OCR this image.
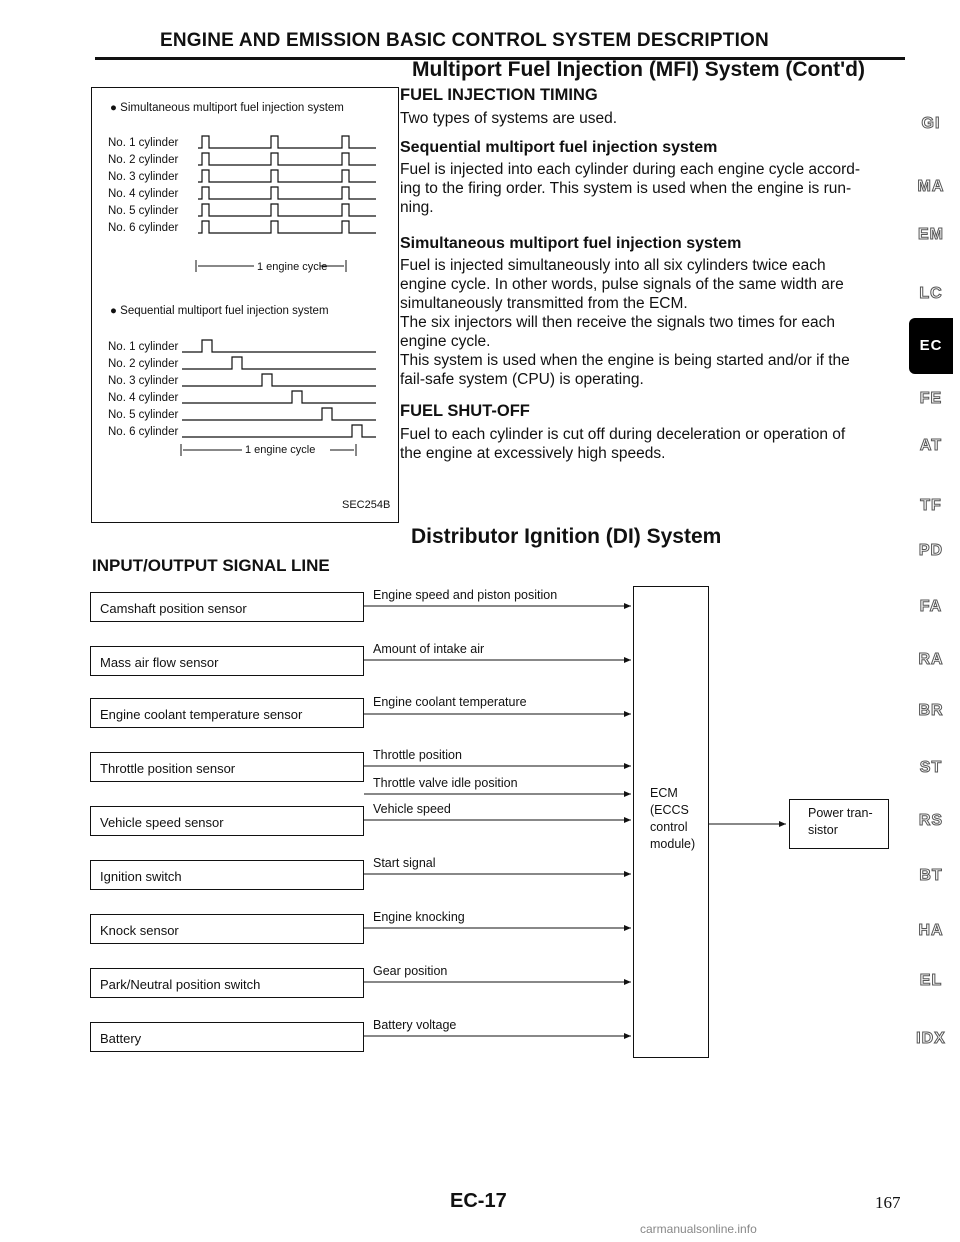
ENGINE AND EMISSION BASIC CONTROL SYSTEM DESCRIPTION
Multiport Fuel Injection (MFI) System (Cont'd)
● Simultaneous multiport fuel injection system
No. 1 cylinder
No. 2 cylinder
No. 3 cylinder
No. 4 cylinder
No. 5 cylinder
No. 6 cylinder
1 engine cycle
● Sequential multiport fuel injection system
No. 1 cylinder
No. 2 cylinder
No. 3 cylinder
No. 4 cylinder
No. 5 cylinder
No. 6 cylinder
1 engine cycle
SEC254B
FUEL INJECTION TIMING
Two types of systems are used.
Sequential multiport fuel injection system

Fuel is injected into each cylinder during each engine cycle accord-

ing to the firing order. This system is used when the engine is run-

ning.

Simultaneous multiport fuel injection system

Fuel is injected simultaneously into all six cylinders twice each

engine cycle. In other words, pulse signals of the same width are

simultaneously transmitted from the ECM.

The six injectors will then receive the signals two times for each

engine cycle.

This system is used when the engine is being started and/or if the

fail-safe system (CPU) is operating.

FUEL SHUT-OFF

Fuel to each cylinder is cut off during deceleration or operation of

the engine at excessively high speeds.

Distributor Ignition (DI) System
INPUT/OUTPUT SIGNAL LINE
Camshaft position sensor
Mass air flow sensor
Engine coolant temperature sensor
Throttle position sensor
Vehicle speed sensor
Ignition switch
Knock sensor
Park/Neutral position switch
Battery
Engine speed and piston position
Amount of intake air
Engine coolant temperature
Throttle position
Throttle valve idle position
Vehicle speed
Start signal
Engine knocking
Gear position
Battery voltage
ECM
(ECCS
control
module)
Power tran-
sistor
GI
MA
EM
LC
EC
FE
AT
TF
PD
FA
RA
BR
ST
RS
BT
HA
EL
IDX
EC-17	167
carmanualsonline.info
